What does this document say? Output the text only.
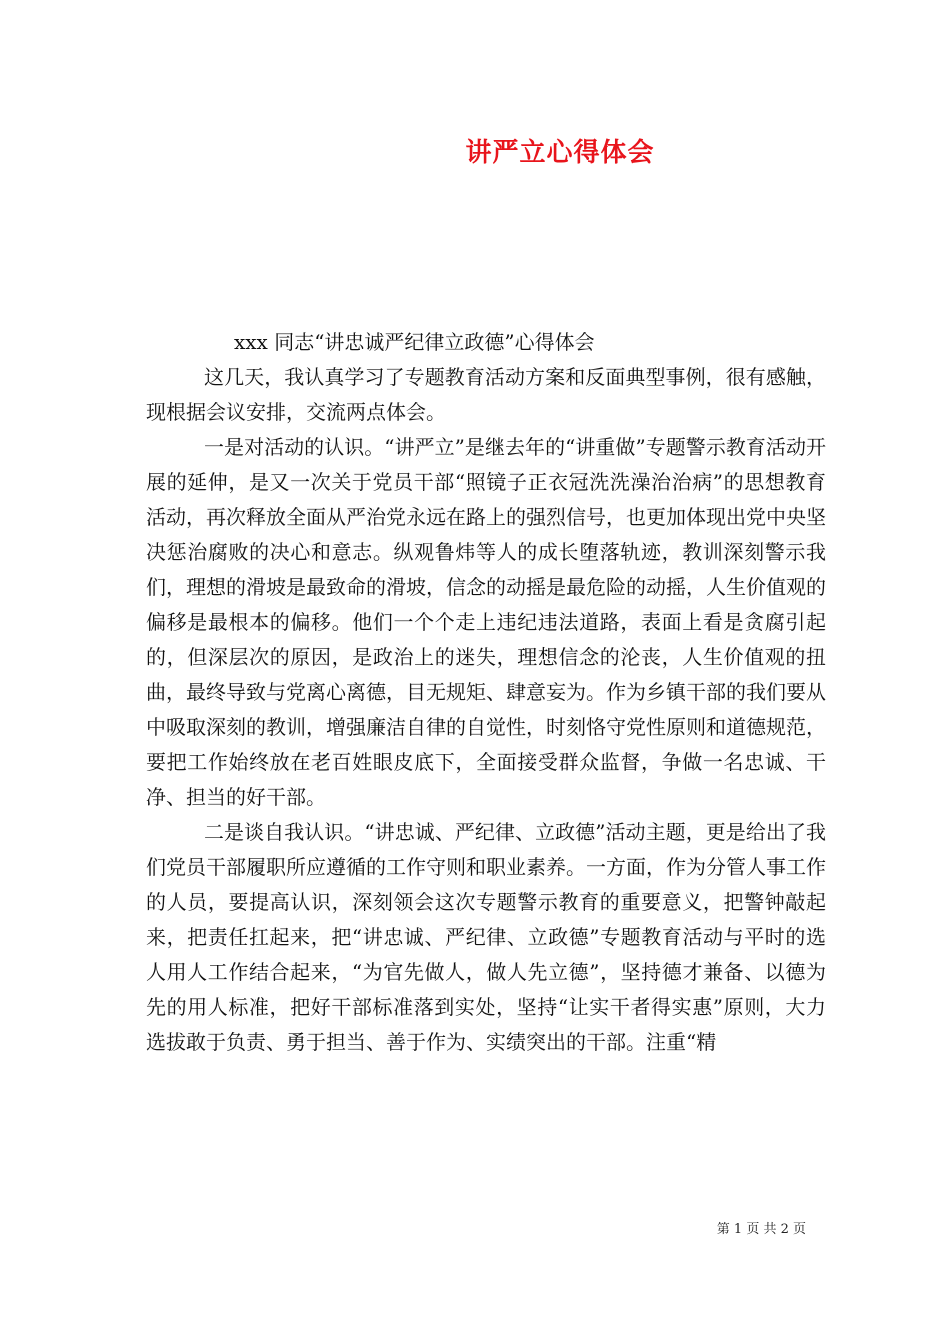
讲严立心得体会

xxx 同志“讲忠诚严纪律立政德”心得体会

这几天，我认真学习了专题教育活动方案和反面典型事例，很有感触，现根据会议安排，交流两点体会。

一是对活动的认识。“讲严立”是继去年的“讲重做”专题警示教育活动开展的延伸，是又一次关于党员干部“照镜子正衣冠洗洗澡治治病”的思想教育活动，再次释放全面从严治党永远在路上的强烈信号，也更加体现出党中央坚决惩治腐败的决心和意志。纵观鲁炜等人的成长堕落轨迹，教训深刻警示我们，理想的滑坡是最致命的滑坡，信念的动摇是最危险的动摇，人生价值观的偏移是最根本的偏移。他们一个个走上违纪违法道路，表面上看是贪腐引起的，但深层次的原因，是政治上的迷失，理想信念的沦丧，人生价值观的扭曲，最终导致与党离心离德，目无规矩、肆意妄为。作为乡镇干部的我们要从中吸取深刻的教训，增强廉洁自律的自觉性，时刻恪守党性原则和道德规范，要把工作始终放在老百姓眼皮底下，全面接受群众监督，争做一名忠诚、干净、担当的好干部。

二是谈自我认识。“讲忠诚、严纪律、立政德”活动主题，更是给出了我们党员干部履职所应遵循的工作守则和职业素养。一方面，作为分管人事工作的人员，要提高认识，深刻领会这次专题警示教育的重要意义，把警钟敲起来，把责任扛起来，把“讲忠诚、严纪律、立政德”专题教育活动与平时的选人用人工作结合起来，“为官先做人，做人先立德”，坚持德才兼备、以德为先的用人标准，把好干部标准落到实处，坚持“让实干者得实惠”原则，大力选拔敢于负责、勇于担当、善于作为、实绩突出的干部。注重“精

第 1 页 共 2 页
